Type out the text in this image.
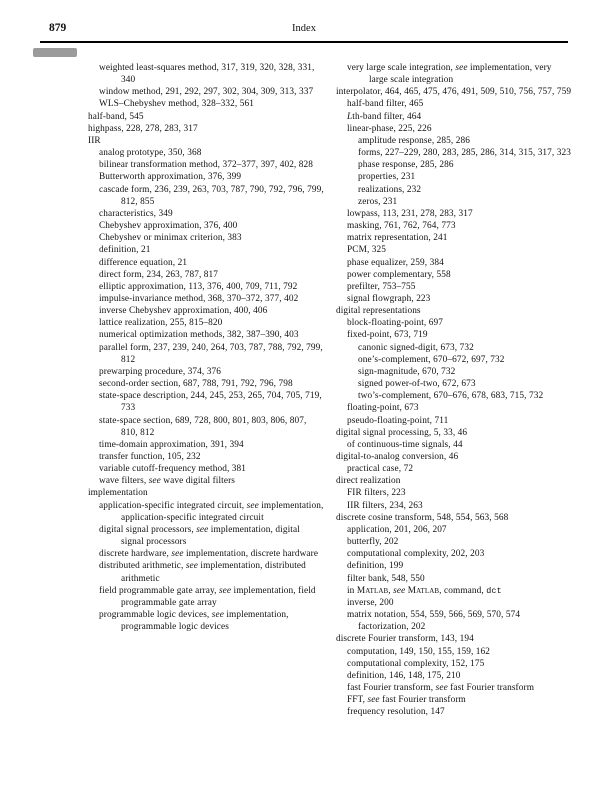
879	Index
weighted least-squares method, 317, 319, 320, 328, 331, 340
window method, 291, 292, 297, 302, 304, 309, 313, 337
WLS–Chebyshev method, 328–332, 561
half-band, 545
highpass, 228, 278, 283, 317
IIR
analog prototype, 350, 368
bilinear transformation method, 372–377, 397, 402, 828
Butterworth approximation, 376, 399
cascade form, 236, 239, 263, 703, 787, 790, 792, 796, 799, 812, 855
characteristics, 349
Chebyshev approximation, 376, 400
Chebyshev or minimax criterion, 383
definition, 21
difference equation, 21
direct form, 234, 263, 787, 817
elliptic approximation, 113, 376, 400, 709, 711, 792
impulse-invariance method, 368, 370–372, 377, 402
inverse Chebyshev approximation, 400, 406
lattice realization, 255, 815–820
numerical optimization methods, 382, 387–390, 403
parallel form, 237, 239, 240, 264, 703, 787, 788, 792, 799, 812
prewarping procedure, 374, 376
second-order section, 687, 788, 791, 792, 796, 798
state-space description, 244, 245, 253, 265, 704, 705, 719, 733
state-space section, 689, 728, 800, 801, 803, 806, 807, 810, 812
time-domain approximation, 391, 394
transfer function, 105, 232
variable cutoff-frequency method, 381
wave filters, see wave digital filters
implementation
application-specific integrated circuit, see implementation, application-specific integrated circuit
digital signal processors, see implementation, digital signal processors
discrete hardware, see implementation, discrete hardware
distributed arithmetic, see implementation, distributed arithmetic
field programmable gate array, see implementation, field programmable gate array
programmable logic devices, see implementation, programmable logic devices
very large scale integration, see implementation, very large scale integration
interpolator, 464, 465, 475, 476, 491, 509, 510, 756, 757, 759
half-band filter, 465
Lth-band filter, 464
linear-phase, 225, 226
amplitude response, 285, 286
forms, 227–229, 280, 283, 285, 286, 314, 315, 317, 323
phase response, 285, 286
properties, 231
realizations, 232
zeros, 231
lowpass, 113, 231, 278, 283, 317
masking, 761, 762, 764, 773
matrix representation, 241
PCM, 325
phase equalizer, 259, 384
power complementary, 558
prefilter, 753–755
signal flowgraph, 223
digital representations
block-floating-point, 697
fixed-point, 673, 719
canonic signed-digit, 673, 732
one’s-complement, 670–672, 697, 732
sign-magnitude, 670, 732
signed power-of-two, 672, 673
two’s-complement, 670–676, 678, 683, 715, 732
floating-point, 673
pseudo-floating-point, 711
digital signal processing, 5, 33, 46
of continuous-time signals, 44
digital-to-analog conversion, 46
practical case, 72
direct realization
FIR filters, 223
IIR filters, 234, 263
discrete cosine transform, 548, 554, 563, 568
application, 201, 206, 207
butterfly, 202
computational complexity, 202, 203
definition, 199
filter bank, 548, 550
in Matlab, see Matlab, command, dct
inverse, 200
matrix notation, 554, 559, 566, 569, 570, 574
factorization, 202
discrete Fourier transform, 143, 194
computation, 149, 150, 155, 159, 162
computational complexity, 152, 175
definition, 146, 148, 175, 210
fast Fourier transform, see fast Fourier transform
FFT, see fast Fourier transform
frequency resolution, 147
